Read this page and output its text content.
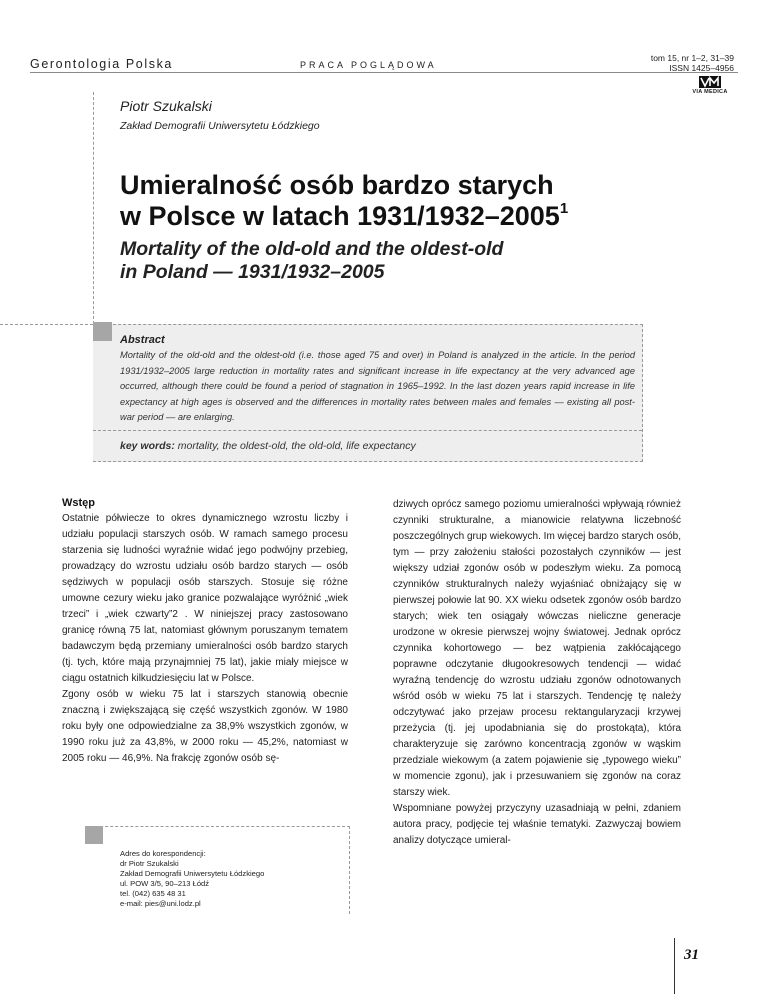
Gerontologia Polska	PRACA POGLĄDOWA
tom 15, nr 1–2, 31–39
ISSN 1425–4956
VIA MEDICA
Piotr Szukalski
Zakład Demografii Uniwersytetu Łódzkiego
Umieralność osób bardzo starych
w Polsce w latach 1931/1932–2005$^1$
Mortality of the old-old and the oldest-old
in Poland — 1931/1932–2005
Abstract
Mortality of the old-old and the oldest-old (i.e. those aged 75 and over) in Poland is analyzed in the article. In the period 1931/1932–2005 large reduction in mortality rates and significant increase in life expectancy at the very advanced age occurred, although there could be found a period of stagnation in 1965–1992. In the last dozen years rapid increase in life expectancy at high ages is observed and the differences in mortality rates between males and females — existing all post-war period — are enlarging.
key words: mortality, the oldest-old, the old-old, life expectancy
Wstęp

Ostatnie półwiecze to okres dynamicznego wzrostu liczby i udziału populacji starszych osób. W ramach samego procesu starzenia się ludności wyraźnie widać jego podwójny przebieg, prowadzący do wzrostu udziału osób bardzo starych — osób sędziwych w populacji osób starszych. Stosuje się różne umowne cezury wieku jako granice pozwalające wyróżnić „wiek trzeci” i „wiek czwarty”2 . W niniejszej pracy zastosowano granicę równą 75 lat, natomiast głównym poruszanym tematem badawczym będą przemiany umieralności osób bardzo starych (tj. tych, które mają przynajmniej 75 lat), jakie miały miejsce w ciągu ostatnich kilkudziesięciu lat w Polsce.

Zgony osób w wieku 75 lat i starszych stanowią obecnie znaczną i zwiększającą się część wszystkich zgonów. W 1980 roku były one odpowiedzialne za 38,9% wszystkich zgonów, w 1990 roku już za 43,8%, w 2000 roku — 45,2%, natomiast w 2005 roku — 46,9%. Na frakcję zgonów osób sę-

dziwych oprócz samego poziomu umieralności wpływają również czynniki strukturalne, a mianowicie relatywna liczebność poszczególnych grup wiekowych. Im więcej bardzo starych osób, tym — przy założeniu stałości pozostałych czynników — jest większy udział zgonów osób w podeszłym wieku. Za pomocą czynników strukturalnych należy wyjaśniać obniżający się w pierwszej połowie lat 90. XX wieku odsetek zgonów osób bardzo starych; wiek ten osiągały wówczas nieliczne generacje urodzone w okresie pierwszej wojny światowej. Jednak oprócz czynnika kohortowego — bez wątpienia zakłócającego poprawne odczytanie długookresowych tendencji — widać wyraźną tendencję do wzrostu udziału zgonów odnotowanych wśród osób w wieku 75 lat i starszych. Tendencję tę należy odczytywać jako przejaw procesu rektangularyzacji krzywej przeżycia (tj. jej upodabniania się do prostokąta), która charakteryzuje się zarówno koncentracją zgonów w wąskim przedziale wiekowym (a zatem pojawienie się „typowego wieku” w momencie zgonu), jak i przesuwaniem się zgonów na coraz starszy wiek.

Wspomniane powyżej przyczyny uzasadniają w pełni, zdaniem autora pracy, podjęcie tej właśnie tematyki. Zazwyczaj bowiem analizy dotyczące umieral-

Adres do korespondencji:
dr Piotr Szukalski
Zakład Demografii Uniwersytetu Łódzkiego
ul. POW 3/5, 90–213 Łódź
tel. (042) 635 48 31
e-mail: pies@uni.lodz.pl
31
